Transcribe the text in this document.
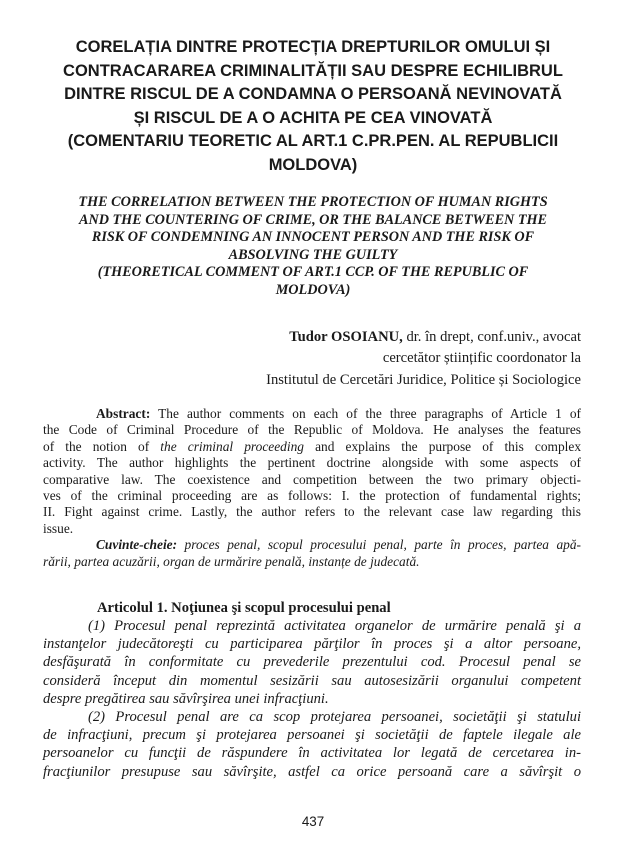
CORELAȚIA DINTRE PROTECȚIA DREPTURILOR OMULUI ȘI
CONTRACARAREA CRIMINALITĂȚII SAU DESPRE ECHILIBRUL
DINTRE RISCUL DE A CONDAMNA O PERSOANĂ NEVINOVATĂ
ȘI RISCUL DE A O ACHITA PE CEA VINOVATĂ
(COMENTARIU TEORETIC AL ART.1 C.PR.PEN. AL REPUBLICII
MOLDOVA)
THE CORRELATION BETWEEN THE PROTECTION OF HUMAN RIGHTS
AND THE COUNTERING OF CRIME, OR THE BALANCE BETWEEN THE
RISK OF CONDEMNING AN INNOCENT PERSON AND THE RISK OF
ABSOLVING THE GUILTY
(THEORETICAL COMMENT OF ART.1 CCP. OF THE REPUBLIC OF
MOLDOVA)
Tudor OSOIANU, dr. în drept, conf.univ., avocat
cercetător științific coordonator la
Institutul de Cercetări Juridice, Politice și Sociologice
Abstract: The author comments on each of the three paragraphs of Article 1 of
the Code of Criminal Procedure of the Republic of Moldova. He analyses the features
of the notion of the criminal proceeding and explains the purpose of this complex
activity. The author highlights the pertinent doctrine alongside with some aspects of
comparative law. The coexistence and competition between the two primary objecti-
ves of the criminal proceeding are as follows: I. the protection of fundamental rights;
II. Fight against crime. Lastly, the author refers to the relevant case law regarding this
issue.
Cuvinte-cheie: proces penal, scopul procesului penal, parte în proces, partea apă-
rării, partea acuzării, organ de urmărire penală, instanțe de judecată.
Articolul 1. Noţiunea şi scopul procesului penal
(1) Procesul penal reprezintă activitatea organelor de urmărire penală şi a
instanţelor judecătoreşti cu participarea părţilor în proces şi a altor persoane,
desfăşurată în conformitate cu prevederile prezentului cod. Procesul penal se
consideră început din momentul sesizării sau autosesizării organului competent
despre pregătirea sau săvîrşirea unei infracţiuni.
(2) Procesul penal are ca scop protejarea persoanei, societăţii şi statului
de infracţiuni, precum şi protejarea persoanei şi societăţii de faptele ilegale ale
persoanelor cu funcţii de răspundere în activitatea lor legată de cercetarea in-
fracţiunilor presupuse sau săvîrşite, astfel ca orice persoană care a săvîrşit o
437
